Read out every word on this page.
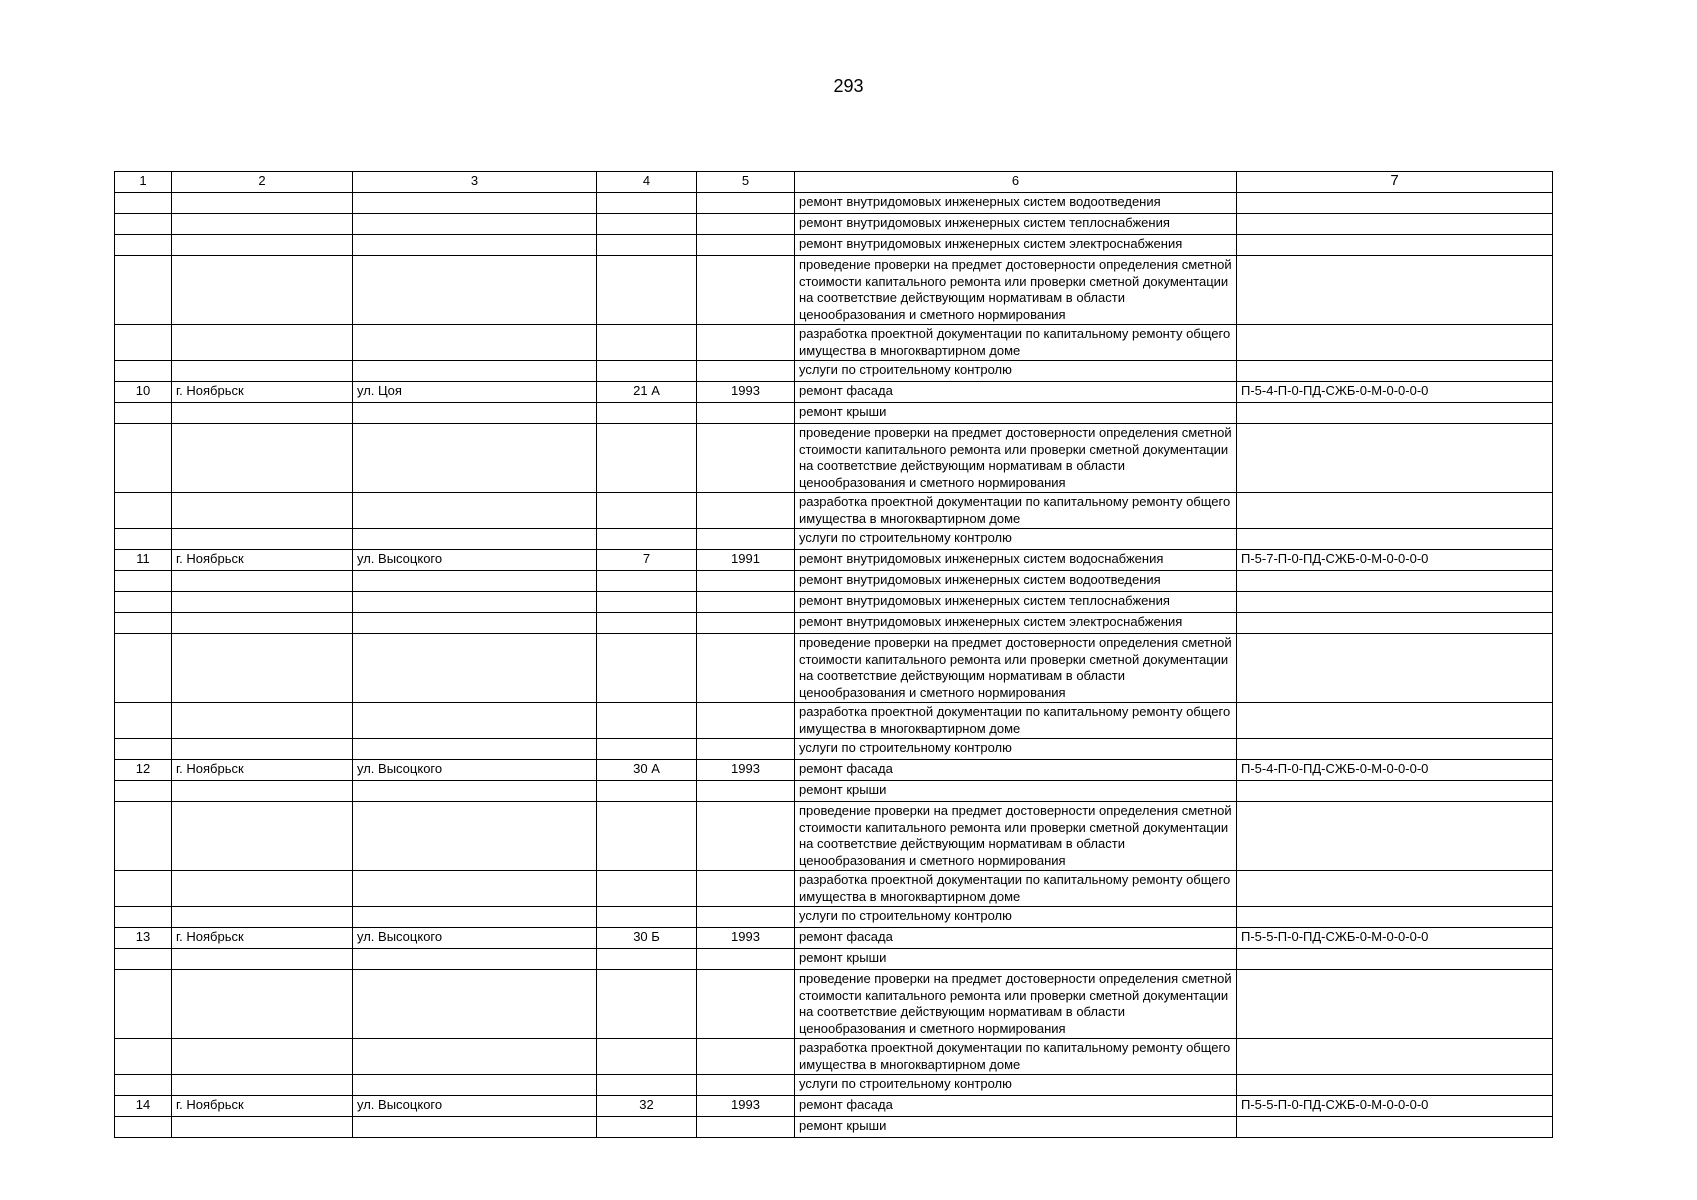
293
1	2	3	4	5	6	7
					ремонт внутридомовых инженерных систем водоотведения	
					ремонт внутридомовых инженерных систем теплоснабжения	
					ремонт внутридомовых инженерных систем электроснабжения	
					проведение проверки на предмет достоверности определения сметной стоимости капитального ремонта или проверки сметной документации на соответствие действующим нормативам в области ценообразования и сметного нормирования	
					разработка проектной документации по капитальному ремонту общего имущества в многоквартирном доме	
					услуги по строительному контролю	
10	г. Ноябрьск	ул. Цоя	21 А	1993	ремонт фасада	П-5-4-П-0-ПД-СЖБ-0-М-0-0-0-0
					ремонт крыши	
					проведение проверки на предмет достоверности определения сметной стоимости капитального ремонта или проверки сметной документации на соответствие действующим нормативам в области ценообразования и сметного нормирования	
					разработка проектной документации по капитальному ремонту общего имущества в многоквартирном доме	
					услуги по строительному контролю	
11	г. Ноябрьск	ул. Высоцкого	7	1991	ремонт внутридомовых инженерных систем водоснабжения	П-5-7-П-0-ПД-СЖБ-0-М-0-0-0-0
					ремонт внутридомовых инженерных систем водоотведения	
					ремонт внутридомовых инженерных систем теплоснабжения	
					ремонт внутридомовых инженерных систем электроснабжения	
					проведение проверки на предмет достоверности определения сметной стоимости капитального ремонта или проверки сметной документации на соответствие действующим нормативам в области ценообразования и сметного нормирования	
					разработка проектной документации по капитальному ремонту общего имущества в многоквартирном доме	
					услуги по строительному контролю	
12	г. Ноябрьск	ул. Высоцкого	30 А	1993	ремонт фасада	П-5-4-П-0-ПД-СЖБ-0-М-0-0-0-0
					ремонт крыши	
					проведение проверки на предмет достоверности определения сметной стоимости капитального ремонта или проверки сметной документации на соответствие действующим нормативам в области ценообразования и сметного нормирования	
					разработка проектной документации по капитальному ремонту общего имущества в многоквартирном доме	
					услуги по строительному контролю	
13	г. Ноябрьск	ул. Высоцкого	30 Б	1993	ремонт фасада	П-5-5-П-0-ПД-СЖБ-0-М-0-0-0-0
					ремонт крыши	
					проведение проверки на предмет достоверности определения сметной стоимости капитального ремонта или проверки сметной документации на соответствие действующим нормативам в области ценообразования и сметного нормирования	
					разработка проектной документации по капитальному ремонту общего имущества в многоквартирном доме	
					услуги по строительному контролю	
14	г. Ноябрьск	ул. Высоцкого	32	1993	ремонт фасада	П-5-5-П-0-ПД-СЖБ-0-М-0-0-0-0
					ремонт крыши	
